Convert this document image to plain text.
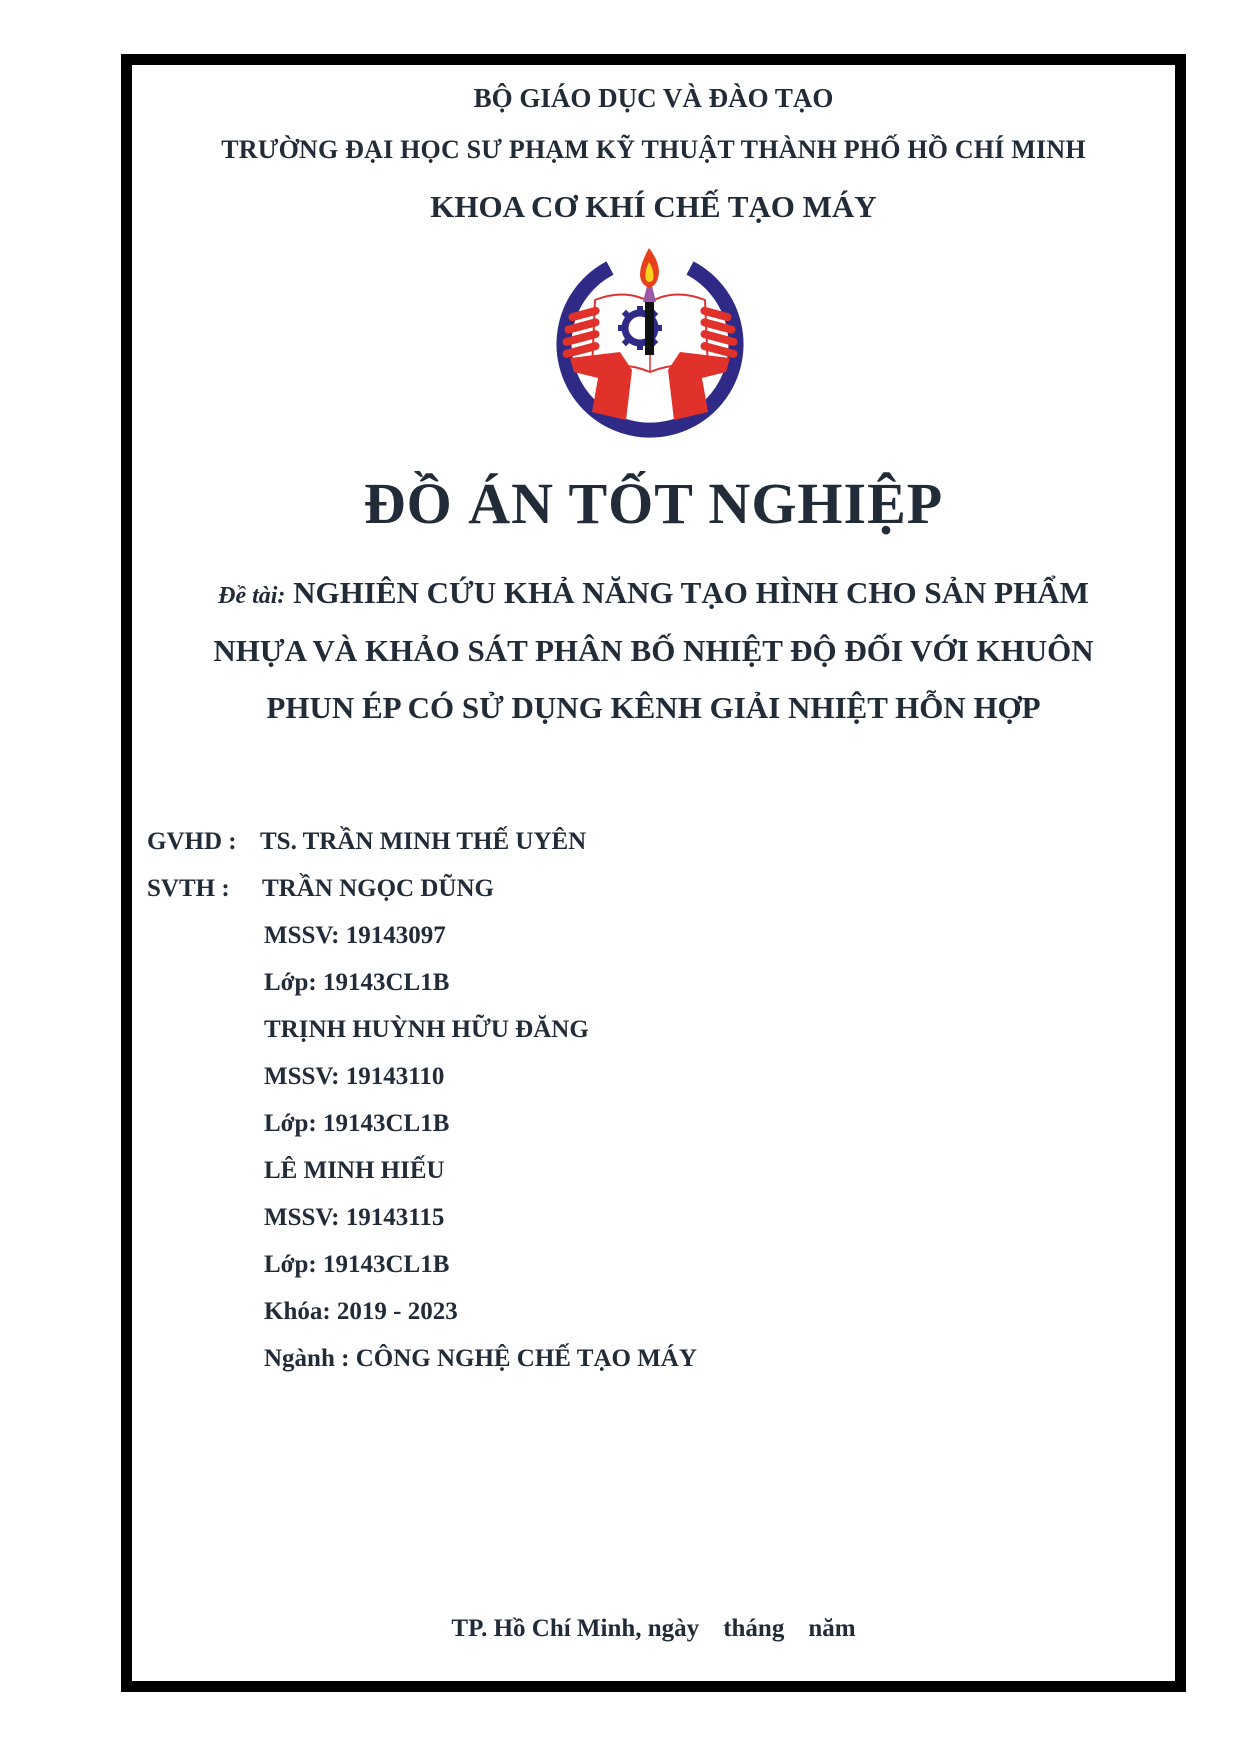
BỘ GIÁO DỤC VÀ ĐÀO TẠO
TRƯỜNG ĐẠI HỌC SƯ PHẠM KỸ THUẬT THÀNH PHỐ HỒ CHÍ MINH
KHOA CƠ KHÍ CHẾ TẠO MÁY
ĐỒ ÁN TỐT NGHIỆP
Đề tài: NGHIÊN CỨU KHẢ NĂNG TẠO HÌNH CHO SẢN PHẨM
NHỰA VÀ KHẢO SÁT PHÂN BỐ NHIỆT ĐỘ ĐỐI VỚI KHUÔN
PHUN ÉP CÓ SỬ DỤNG KÊNH GIẢI NHIỆT HỖN HỢP
GVHD : TS. TRẦN MINH THẾ UYÊN
SVTH : TRẦN NGỌC DŨNG
MSSV: 19143097
Lớp: 19143CL1B
TRỊNH HUỲNH HỮU ĐĂNG
MSSV: 19143110
Lớp: 19143CL1B
LÊ MINH HIẾU
MSSV: 19143115
Lớp: 19143CL1B
Khóa: 2019 - 2023
Ngành : CÔNG NGHỆ CHẾ TẠO MÁY
TP. Hồ Chí Minh, ngày tháng năm
